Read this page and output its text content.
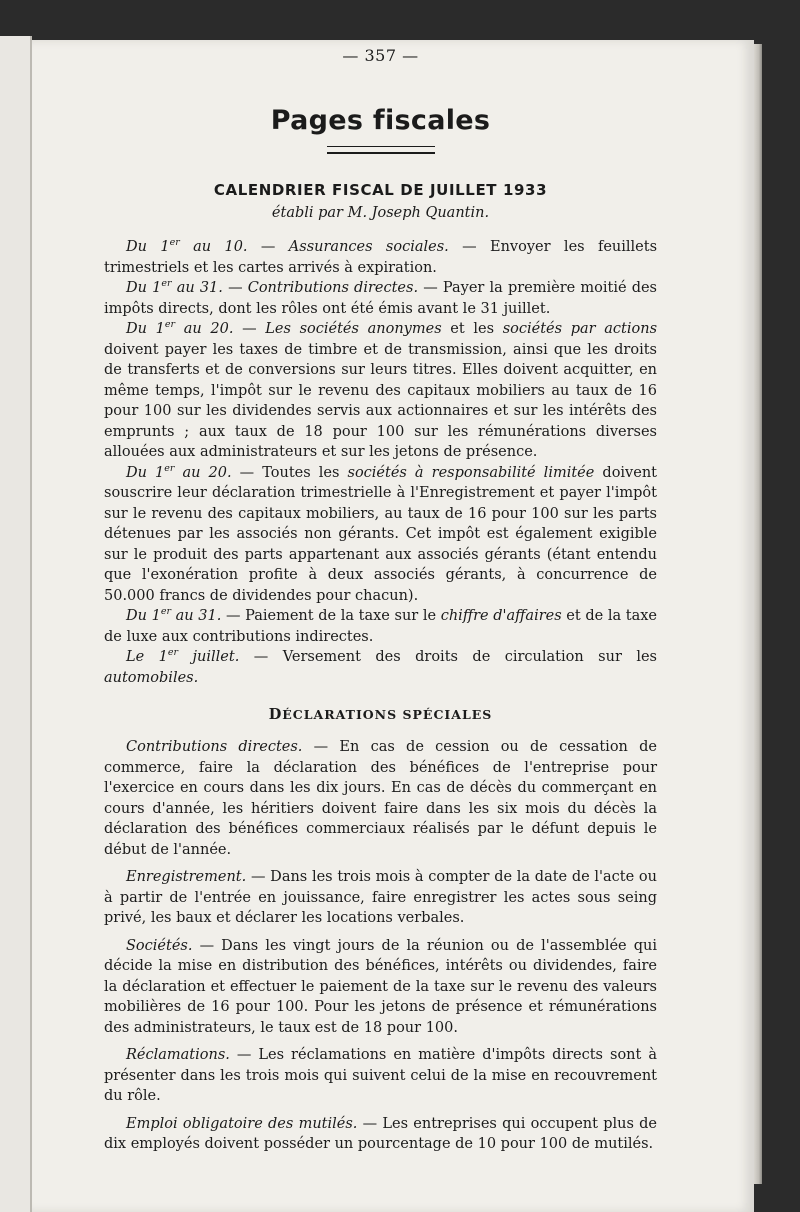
— 357 —

Pages fiscales
CALENDRIER FISCAL DE JUILLET 1933

établi par M. Joseph Quantin.

Du 1er au 10. — Assurances sociales. — Envoyer les feuillets trimestriels et les cartes arrivés à expiration.

Du 1er au 31. — Contributions directes. — Payer la première moitié des impôts directs, dont les rôles ont été émis avant le 31 juillet.

Du 1er au 20. — Les sociétés anonymes et les sociétés par actions doivent payer les taxes de timbre et de transmission, ainsi que les droits de transferts et de conversions sur leurs titres. Elles doivent acquitter, en même temps, l'impôt sur le revenu des capitaux mobiliers au taux de 16 pour 100 sur les dividendes servis aux actionnaires et sur les intérêts des emprunts ; aux taux de 18 pour 100 sur les rémunérations diverses allouées aux administrateurs et sur les jetons de présence.

Du 1er au 20. — Toutes les sociétés à responsabilité limitée doivent souscrire leur déclaration trimestrielle à l'Enregistrement et payer l'impôt sur le revenu des capitaux mobiliers, au taux de 16 pour 100 sur les parts détenues par les associés non gérants. Cet impôt est également exigible sur le produit des parts appartenant aux associés gérants (étant entendu que l'exonération profite à deux associés gérants, à concurrence de 50.000 francs de dividendes pour chacun).

Du 1er au 31. — Paiement de la taxe sur le chiffre d'affaires et de la taxe de luxe aux contributions indirectes.

Le 1er juillet. — Versement des droits de circulation sur les automobiles.

DÉCLARATIONS SPÉCIALES

Contributions directes. — En cas de cession ou de cessation de commerce, faire la déclaration des bénéfices de l'entreprise pour l'exercice en cours dans les dix jours. En cas de décès du commerçant en cours d'année, les héritiers doivent faire dans les six mois du décès la déclaration des bénéfices commerciaux réalisés par le défunt depuis le début de l'année.

Enregistrement. — Dans les trois mois à compter de la date de l'acte ou à partir de l'entrée en jouissance, faire enregistrer les actes sous seing privé, les baux et déclarer les locations verbales.

Sociétés. — Dans les vingt jours de la réunion ou de l'assemblée qui décide la mise en distribution des bénéfices, intérêts ou dividendes, faire la déclaration et effectuer le paiement de la taxe sur le revenu des valeurs mobilières de 16 pour 100. Pour les jetons de présence et rémunérations des administrateurs, le taux est de 18 pour 100.

Réclamations. — Les réclamations en matière d'impôts directs sont à présenter dans les trois mois qui suivent celui de la mise en recouvrement du rôle.

Emploi obligatoire des mutilés. — Les entreprises qui occupent plus de dix employés doivent posséder un pourcentage de 10 pour 100 de mutilés.
